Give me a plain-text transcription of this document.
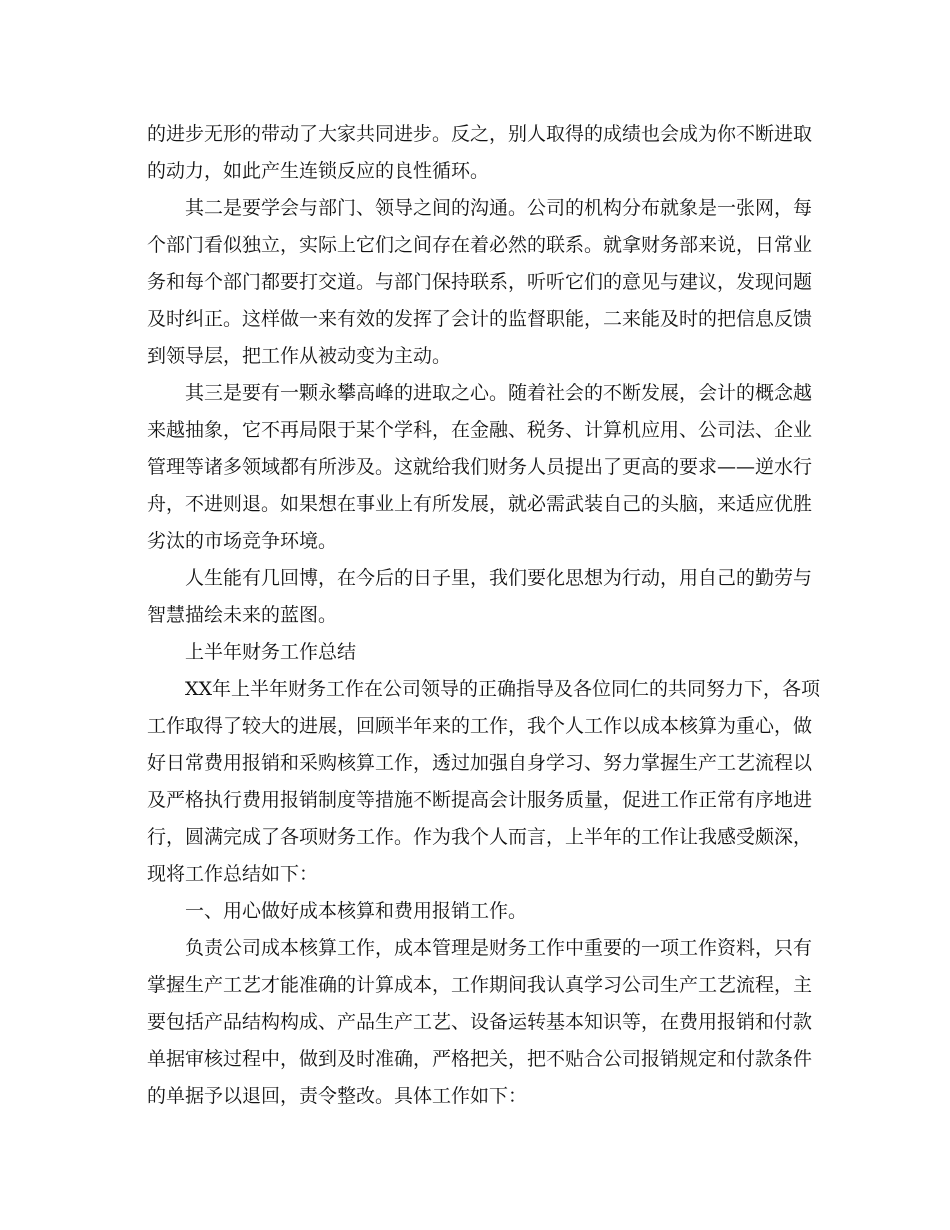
的进步无形的带动了大家共同进步。反之，别人取得的成绩也会成为你不断进取
的动力，如此产生连锁反应的良性循环。
其二是要学会与部门、领导之间的沟通。公司的机构分布就象是一张网，每
个部门看似独立，实际上它们之间存在着必然的联系。就拿财务部来说，日常业
务和每个部门都要打交道。与部门保持联系，听听它们的意见与建议，发现问题
及时纠正。这样做一来有效的发挥了会计的监督职能，二来能及时的把信息反馈
到领导层，把工作从被动变为主动。
其三是要有一颗永攀高峰的进取之心。随着社会的不断发展，会计的概念越
来越抽象，它不再局限于某个学科，在金融、税务、计算机应用、公司法、企业
管理等诸多领域都有所涉及。这就给我们财务人员提出了更高的要求——逆水行
舟，不进则退。如果想在事业上有所发展，就必需武装自己的头脑，来适应优胜
劣汰的市场竞争环境。
人生能有几回博，在今后的日子里，我们要化思想为行动，用自己的勤劳与
智慧描绘未来的蓝图。
上半年财务工作总结
XX年上半年财务工作在公司领导的正确指导及各位同仁的共同努力下，各项
工作取得了较大的进展，回顾半年来的工作，我个人工作以成本核算为重心，做
好日常费用报销和采购核算工作，透过加强自身学习、努力掌握生产工艺流程以
及严格执行费用报销制度等措施不断提高会计服务质量，促进工作正常有序地进
行，圆满完成了各项财务工作。作为我个人而言，上半年的工作让我感受颇深，
现将工作总结如下：
一、用心做好成本核算和费用报销工作。
负责公司成本核算工作，成本管理是财务工作中重要的一项工作资料，只有
掌握生产工艺才能准确的计算成本，工作期间我认真学习公司生产工艺流程，主
要包括产品结构构成、产品生产工艺、设备运转基本知识等，在费用报销和付款
单据审核过程中，做到及时准确，严格把关，把不贴合公司报销规定和付款条件
的单据予以退回，责令整改。具体工作如下：
